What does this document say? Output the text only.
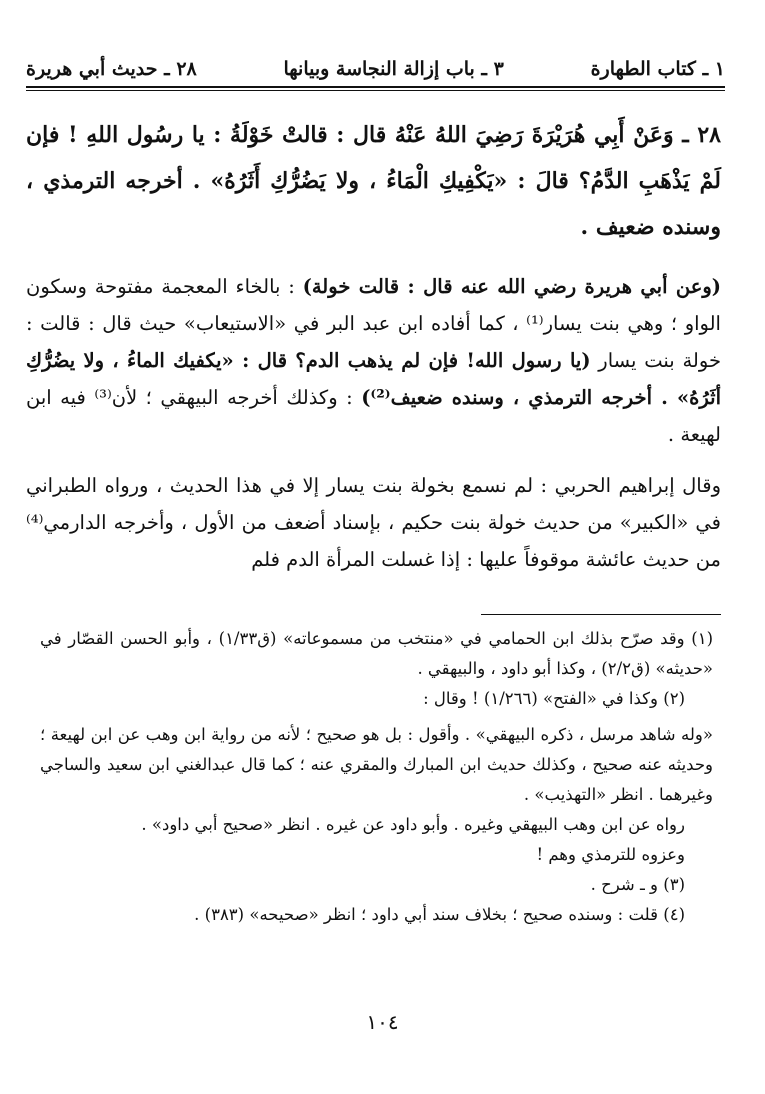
١ ـ كتاب الطهارة
٣ ـ باب إزالة النجاسة وبيانها
٢٨ ـ حديث أبي هريرة

٢٨ ـ وَعَنْ أَبِي هُرَيْرَةَ رَضِيَ اللهُ عَنْهُ قال : قالتْ خَوْلَةُ : يا رسُول اللهِ ! فإن لَمْ يَذْهَبِ الدَّمُ؟ قالَ : «يَكْفِيكِ الْمَاءُ ، ولا يَضُرُّكِ أَثَرُهُ» . أخرجه الترمذي ، وسنده ضعيف .

(وعن أبي هريرة رضي الله عنه قال : قالت خولة) : بالخاء المعجمة مفتوحة وسكون الواو ؛ وهي بنت يسار⁽¹⁾ ، كما أفاده ابن عبد البر في «الاستيعاب» حيث قال : قالت : خولة بنت يسار (يا رسول الله! فإن لم يذهب الدم؟ قال : «يكفيك الماءُ ، ولا يضُرُّكِ أثَرُهُ» . أخرجه الترمذي ، وسنده ضعيف⁽²⁾) : وكذلك أخرجه البيهقي ؛ لأن⁽³⁾ فيه ابن لهيعة .

وقال إبراهيم الحربي : لم نسمع بخولة بنت يسار إلا في هذا الحديث ، ورواه الطبراني في «الكبير» من حديث خولة بنت حكيم ، بإسناد أضعف من الأول ، وأخرجه الدارمي⁽⁴⁾ من حديث عائشة موقوفاً عليها : إذا غسلت المرأة الدم فلم

(١) وقد صرّح بذلك ابن الحمامي في «منتخب من مسموعاته» (ق١/٣٣) ، وأبو الحسن القصّار في «حديثه» (ق٢/٢) ، وكذا أبو داود ، والبيهقي .

(٢) وكذا في «الفتح» (١/٢٦٦) ! وقال :

«وله شاهد مرسل ، ذكره البيهقي» . وأقول : بل هو صحيح ؛ لأنه من رواية ابن وهب عن ابن لهيعة ؛ وحديثه عنه صحيح ، وكذلك حديث ابن المبارك والمقري عنه ؛ كما قال عبدالغني ابن سعيد والساجي وغيرهما . انظر «التهذيب» .

رواه عن ابن وهب البيهقي وغيره . وأبو داود عن غيره . انظر «صحيح أبي داود» .

وعزوه للترمذي وهم !

(٣) و ـ شرح .

(٤) قلت : وسنده صحيح ؛ بخلاف سند أبي داود ؛ انظر «صحيحه» (٣٨٣) .

١٠٤
